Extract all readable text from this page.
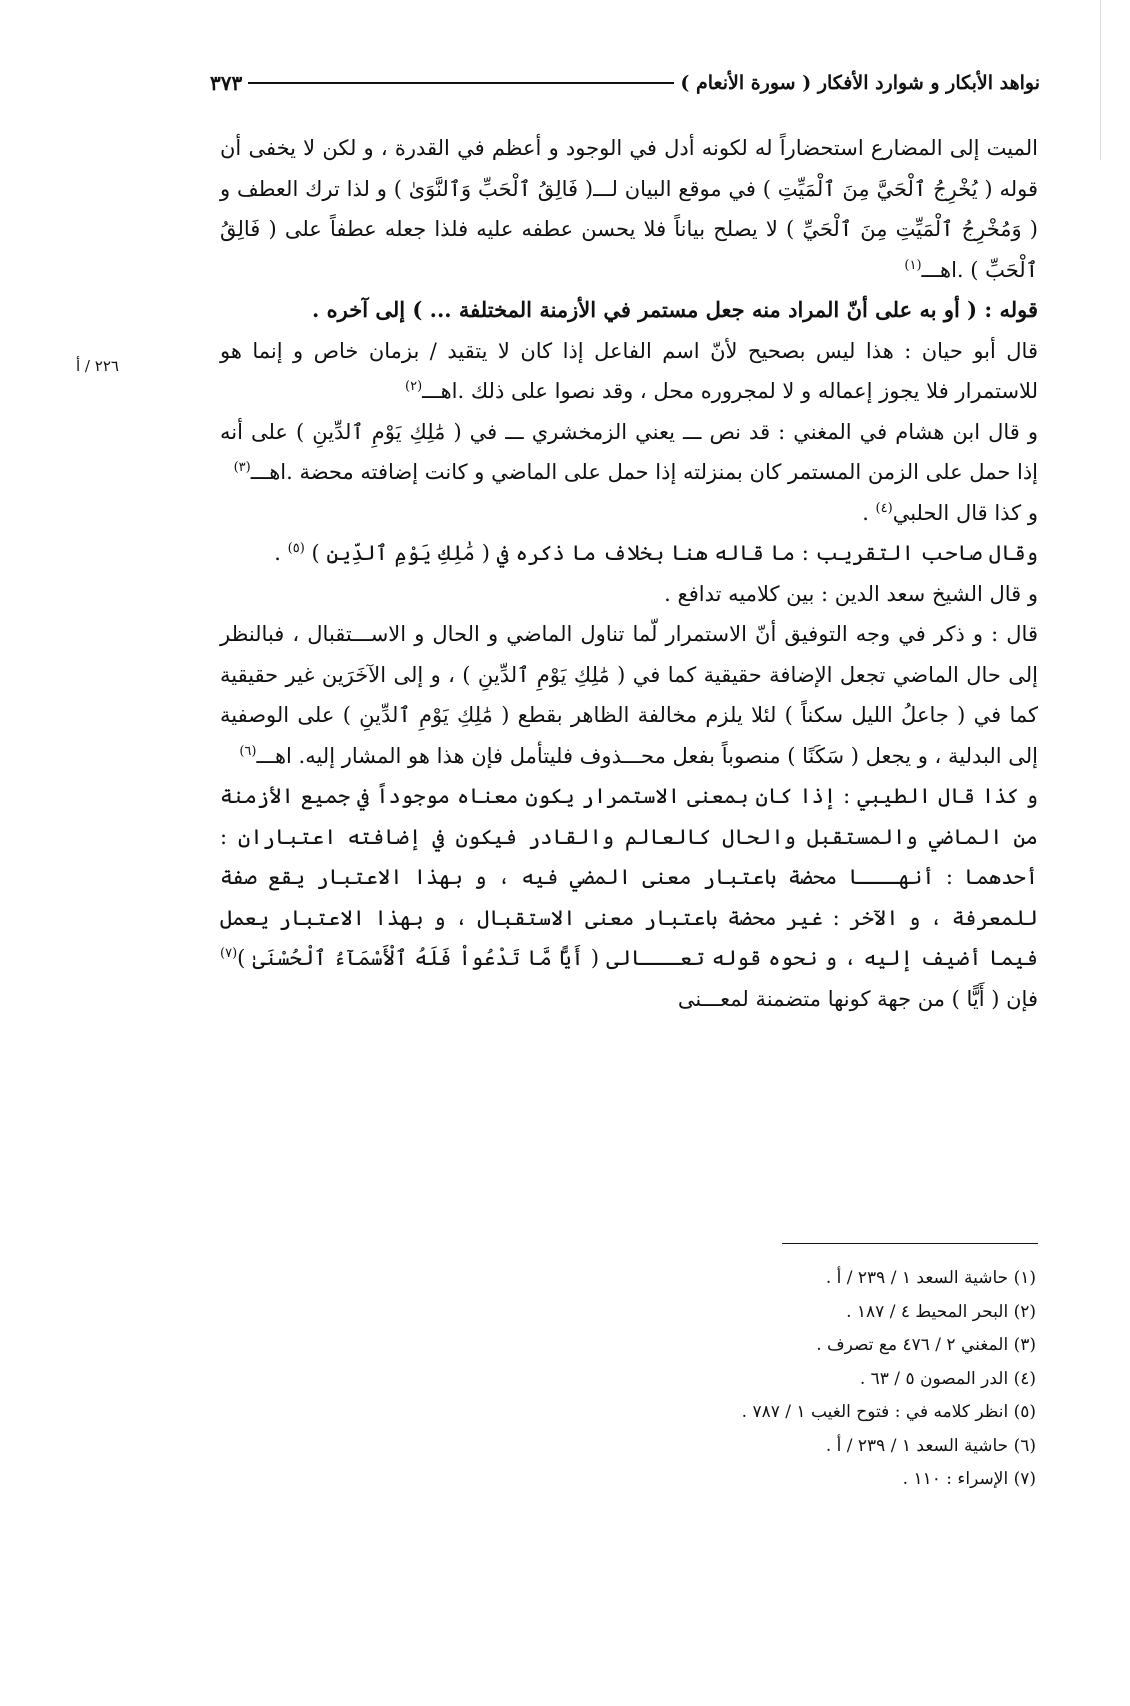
نواهد الأبكار و شوارد الأفكار ( سورة الأنعام )
٣٧٣
٢٢٦ / أ

الميت إلى المضارع استحضاراً له لكونه أدل في الوجود و أعظم في القدرة ، و لكن لا يخفى أن قوله ( يُخْرِجُ ٱلْحَيَّ مِنَ ٱلْمَيِّتِ ) في موقع البيان لـــ( فَالِقُ ٱلْحَبِّ وَٱلنَّوَىٰ ) و لذا ترك العطف و ( وَمُخْرِجُ ٱلْمَيِّتِ مِنَ ٱلْحَيِّ ) لا يصلح بياناً فلا يحسن عطفه عليه فلذا جعله عطفاً على ( فَالِقُ ٱلْحَبِّ ) .اهـــ$^{(١)}$

قوله : ( أو به على أنّ المراد منه جعل مستمر في الأزمنة المختلفة ... ) إلى آخره .

قال أبو حيان : هذا ليس بصحيح لأنّ اسم الفاعل إذا كان لا يتقيد / بزمان خاص و إنما هو للاستمرار فلا يجوز إعماله و لا لمجروره محل ، وقد نصوا على ذلك .اهـــ$^{(٢)}$

و قال ابن هشام في المغني : قد نص ـــ يعني الزمخشري ـــ في ( مَٰلِكِ يَوْمِ ٱلدِّينِ ) على أنه إذا حمل على الزمن المستمر كان بمنزلته إذا حمل على الماضي و كانت إضافته محضة .اهـــ$^{(٣)}$

و كذا قال الحلبي$^{(٤)}$ .

وقال صاحب التقريب : ما قاله هنا بخلاف ما ذكره في ( مَٰلِكِ يَوْمِ ٱلدِّينِ ) $^{(٥)}$ .

و قال الشيخ سعد الدين : بين كلاميه تدافع .

قال : و ذكر في وجه التوفيق أنّ الاستمرار لّما تناول الماضي و الحال و الاســـتقبال ، فبالنظر إلى حال الماضي تجعل الإضافة حقيقية كما في ( مَٰلِكِ يَوْمِ ٱلدِّينِ ) ، و إلى الآخَرَين غير حقيقية كما في ( جاعلُ الليل سكناً ) لئلا يلزم مخالفة الظاهر بقطع ( مَٰلِكِ يَوْمِ ٱلدِّينِ ) على الوصفية إلى البدلية ، و يجعل ( سَكَنًا ) منصوباً بفعل محـــذوف فليتأمل فإن هذا هو المشار إليه. اهـــ$^{(٦)}$

و كذا قال الطيبي : إذا كان بمعنى الاستمرار يكون معناه موجوداً في جميع الأزمنة من الماضي والمستقبل والحال كالعالم والقادر فيكون في إضافته اعتباران : أحدهما : أنهـــا محضة باعتبار معنى المضي فيه ، و بهذا الاعتبار يقع صفة للمعرفة ، و الآخر : غير محضة باعتبار معنى الاستقبال ، و بهذا الاعتبار يعمل فيما أضيف إليه ، و نحوه قوله تعـــالى ( أَيًّا مَّا تَدْعُواْ فَلَهُ ٱلْأَسْمَآءُ ٱلْحُسْنَىٰ )$^{(٧)}$ فإن ( أَيًّا ) من جهة كونها متضمنة لمعـــنى

(١) حاشية السعد ١ / ٢٣٩ / أ .
(٢) البحر المحيط ٤ / ١٨٧ .
(٣) المغني ٢ / ٤٧٦ مع تصرف .
(٤) الدر المصون ٥ / ٦٣ .
(٥) انظر كلامه في : فتوح الغيب ١ / ٧٨٧ .
(٦) حاشية السعد ١ / ٢٣٩ / أ .
(٧) الإسراء : ١١٠ .
